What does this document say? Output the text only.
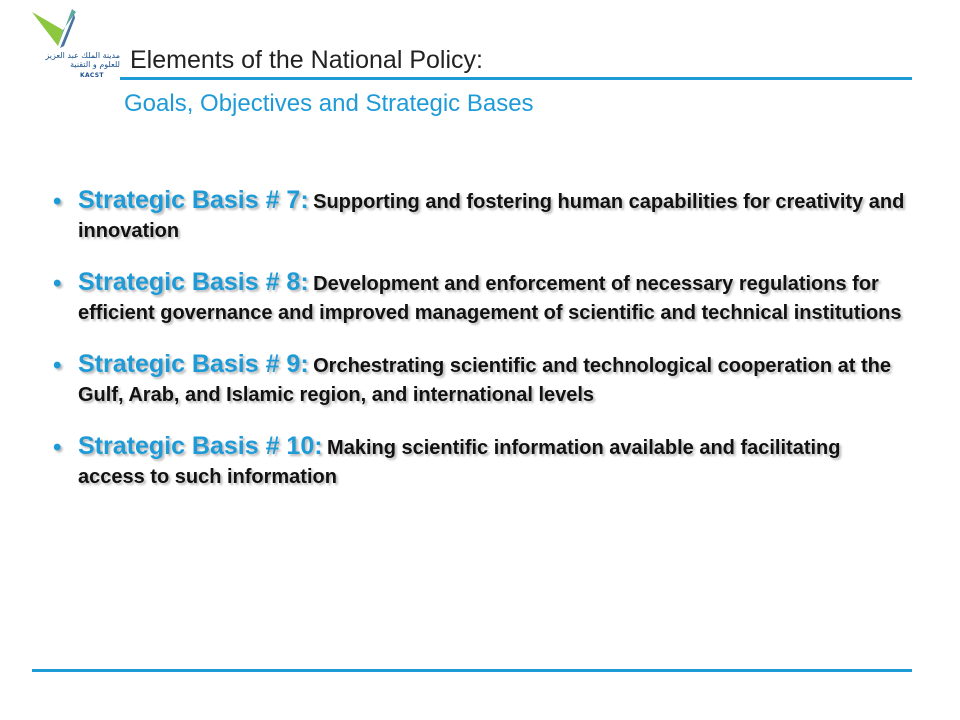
مدينة الملك عبد العزيز
للعلوم و التقنية
KACST
Elements of the National Policy:
Goals, Objectives and Strategic Bases
• Strategic Basis # 7: Supporting and fostering human capabilities for creativity and innovation
• Strategic Basis # 8: Development and enforcement of necessary regulations for efficient governance and improved management of scientific and technical institutions
• Strategic Basis # 9: Orchestrating scientific and technological cooperation at the Gulf, Arab, and Islamic region, and international levels
• Strategic Basis # 10: Making scientific information available and facilitating access to such information
